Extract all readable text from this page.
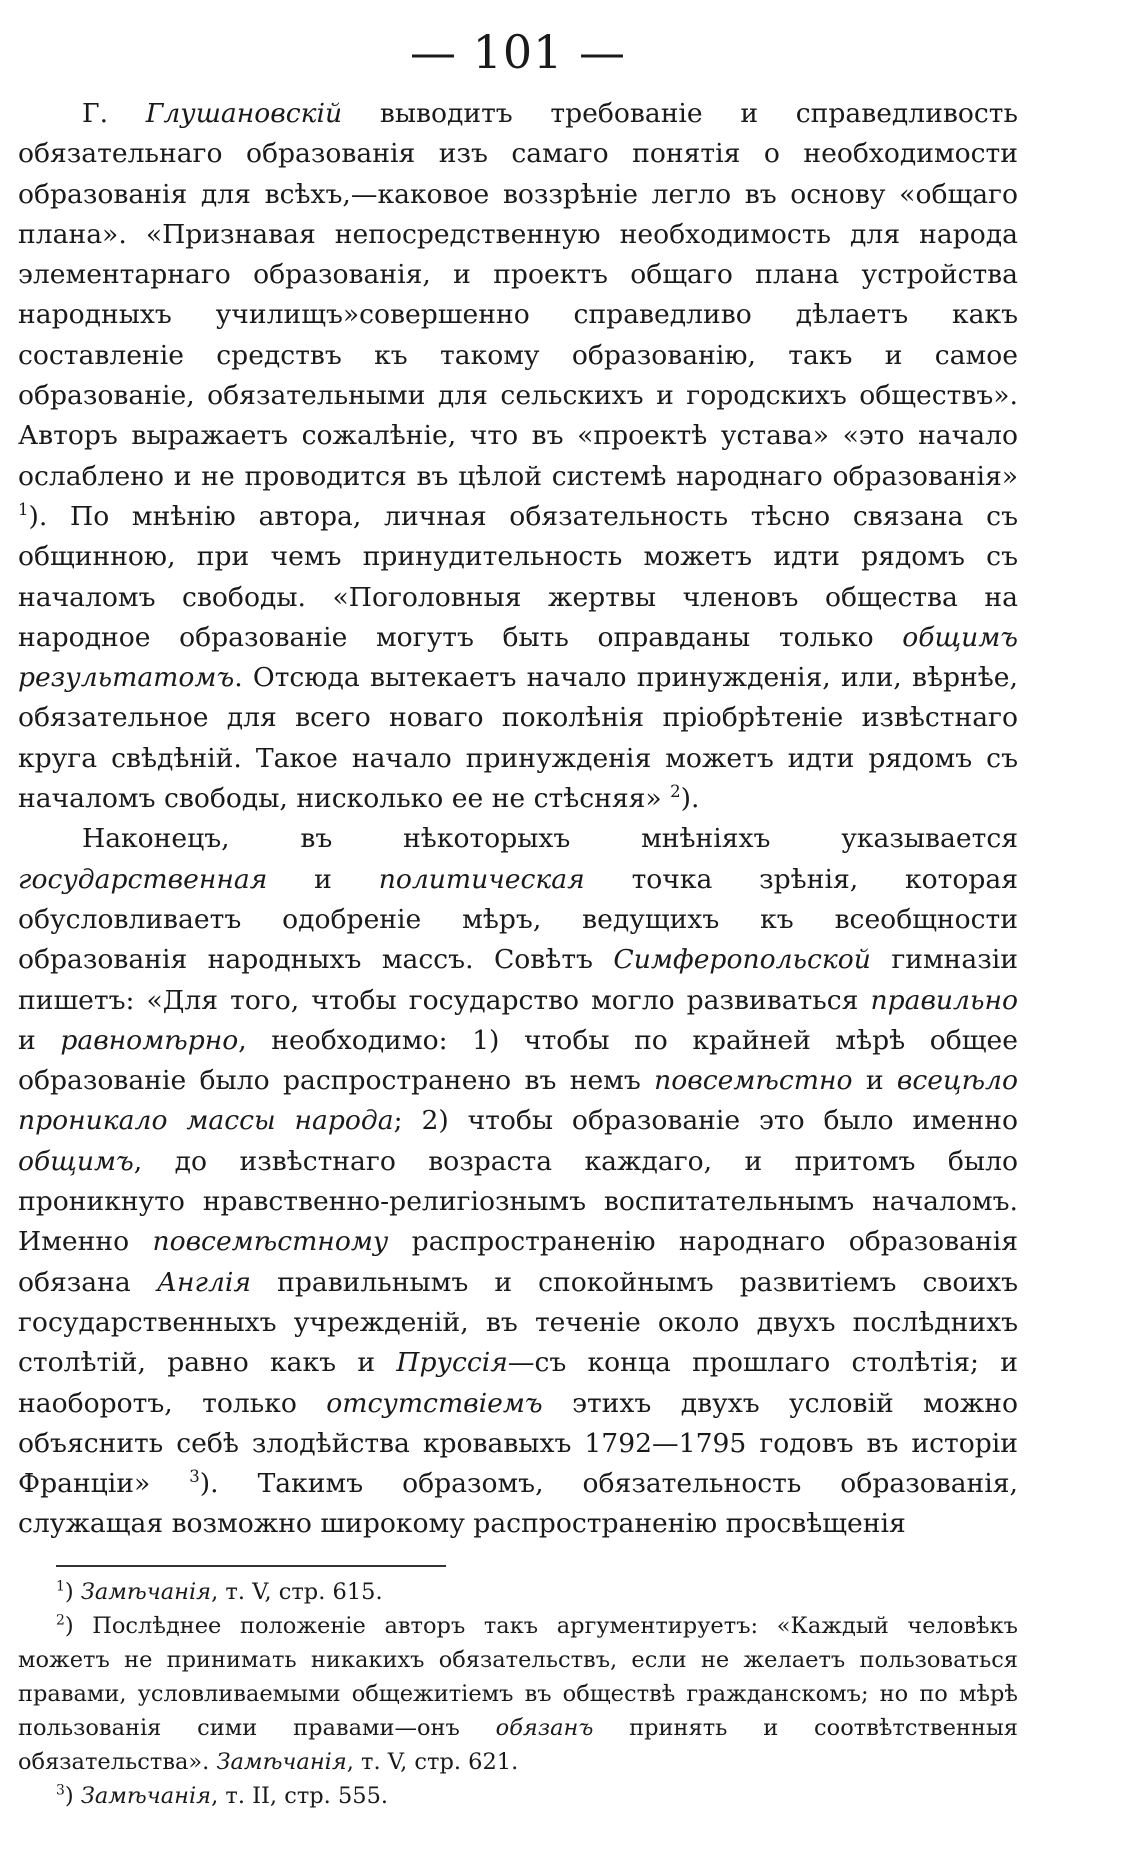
— 101 —

Г. Глушановскій выводитъ требованіе и справедливость обязательнаго образованія изъ самаго понятія о необходимости образованія для всѣхъ,—каковое воззрѣніе легло въ основу «общаго плана». «Признавая непосредственную необходимость для народа элементарнаго образованія, и проектъ общаго плана устройства народныхъ училищъ»совершенно справедливо дѣлаетъ какъ составленіе средствъ къ такому образованію, такъ и самое образованіе, обязательными для сельскихъ и городскихъ обществъ». Авторъ выражаетъ сожалѣніе, что въ «проектѣ устава» «это начало ослаблено и не проводится въ цѣлой системѣ народнаго образованія» $^1$). По мнѣнію автора, личная обязательность тѣсно связана съ общинною, при чемъ принудительность можетъ идти рядомъ съ началомъ свободы. «Поголовныя жертвы членовъ общества на народное образованіе могутъ быть оправданы только общимъ результатомъ. Отсюда вытекаетъ начало принужденія, или, вѣрнѣе, обязательное для всего новаго поколѣнія пріобрѣтеніе извѣстнаго круга свѣдѣній. Такое начало принужденія можетъ идти рядомъ съ началомъ свободы, нисколько ее не стѣсняя» $^2$).

Наконецъ, въ нѣкоторыхъ мнѣніяхъ указывается государственная и политическая точка зрѣнія, которая обусловливаетъ одобреніе мѣръ, ведущихъ къ всеобщности образованія народныхъ массъ. Совѣтъ Симферопольской гимназіи пишетъ: «Для того, чтобы государство могло развиваться правильно и равномѣрно, необходимо: 1) чтобы по крайней мѣрѣ общее образованіе было распространено въ немъ повсемѣстно и всецѣло проникало массы народа; 2) чтобы образованіе это было именно общимъ, до извѣстнаго возраста каждаго, и притомъ было проникнуто нравственно-религіознымъ воспитательнымъ началомъ. Именно повсемѣстному распространенію народнаго образованія обязана Англія правильнымъ и спокойнымъ развитіемъ своихъ государственныхъ учрежденій, въ теченіе около двухъ послѣднихъ столѣтій, равно какъ и Пруссія—съ конца прошлаго столѣтія; и наоборотъ, только отсутствіемъ этихъ двухъ условій можно объяснить себѣ злодѣйства кровавыхъ 1792—1795 годовъ въ исторіи Франціи» $^3$). Такимъ образомъ, обязательность образованія, служащая возможно широкому распространенію просвѣщенія

$^1$) Замѣчанія, т. V, стр. 615.

$^2$) Послѣднее положеніе авторъ такъ аргументируетъ: «Каждый человѣкъ можетъ не принимать никакихъ обязательствъ, если не желаетъ пользоваться правами, условливаемыми общежитіемъ въ обществѣ гражданскомъ; но по мѣрѣ пользованія сими правами—онъ обязанъ принять и соотвѣтственныя обязательства». Замѣчанія, т. V, стр. 621.

$^3$) Замѣчанія, т. II, стр. 555.
